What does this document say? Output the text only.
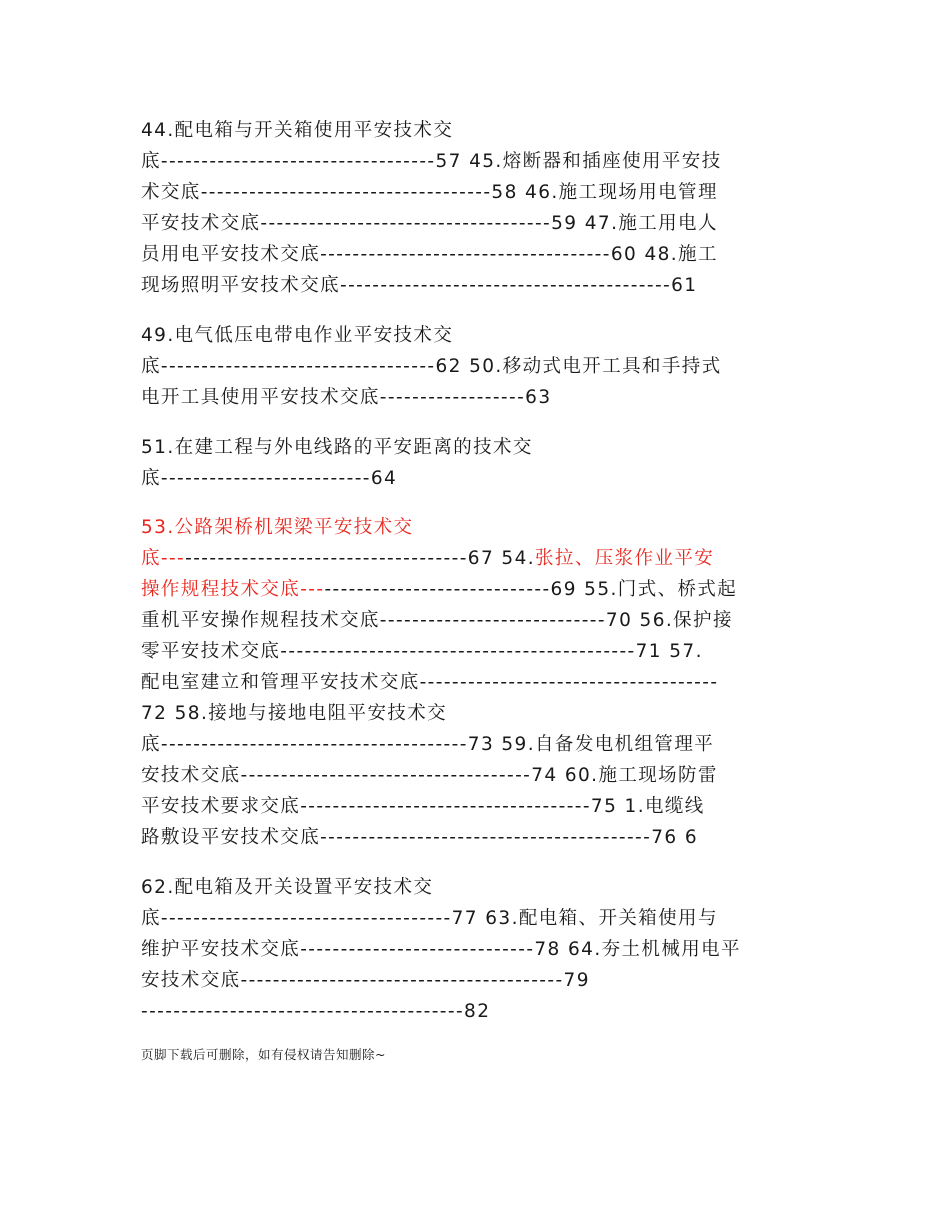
44.配电箱与开关箱使用平安技术交
底----------------------------------57 45.熔断器和插座使用平安技
术交底------------------------------------58 46.施工现场用电管理
平安技术交底------------------------------------59 47.施工用电人
员用电平安技术交底------------------------------------60 48.施工
现场照明平安技术交底-----------------------------------------61
49.电气低压电带电作业平安技术交
底----------------------------------62 50.移动式电开工具和手持式
电开工具使用平安技术交底------------------63
51.在建工程与外电线路的平安距离的技术交
底--------------------------64
53.公路架桥机架梁平安技术交
底--------------------------------------67 54.张拉、压浆作业平安
操作规程技术交底-------------------------------69 55.门式、桥式起
重机平安操作规程技术交底----------------------------70 56.保护接
零平安技术交底--------------------------------------------71 57.
配电室建立和管理平安技术交底-------------------------------------
72 58.接地与接地电阻平安技术交
底--------------------------------------73 59.自备发电机组管理平
安技术交底------------------------------------74 60.施工现场防雷
平安技术要求交底------------------------------------75 1.电缆线
路敷设平安技术交底-----------------------------------------76 6
62.配电箱及开关设置平安技术交
底------------------------------------77 63.配电箱、开关箱使用与
维护平安技术交底-----------------------------78 64.夯土机械用电平
安技术交底----------------------------------------79
----------------------------------------82
页脚下载后可删除，如有侵权请告知删除~
